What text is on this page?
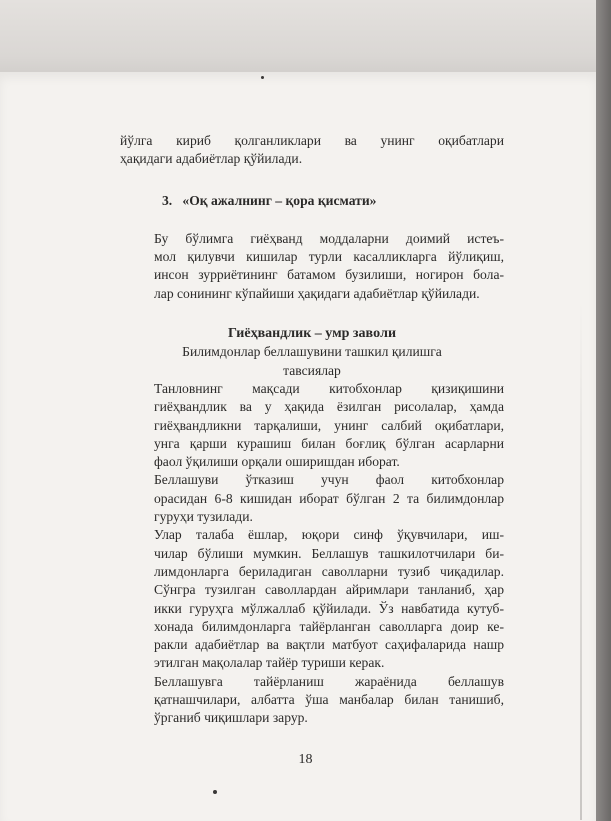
йўлга кириб қолганликлари ва унинг оқибатлари
ҳақидаги адабиётлар қўйилади.

3. «Оқ ажалнинг – қора қисмати»

Бу бўлимга гиёҳванд моддаларни доимий истеъ-
мол қилувчи кишилар турли касалликларга йўлиқиш,
инсон зурриётининг батамом бузилиши, ногирон бола-
лар сонининг кўпайиши ҳақидаги адабиётлар қўйилади.

Гиёҳвандлик – умр завoли

Билимдонлар беллашувини ташкил қилишга

тавсиялар

Танловнинг мақсади китобхонлар қизиқишини
гиёҳвандлик ва у ҳақида ёзилган рисолалар, ҳамда
гиёҳвандликни тарқалиши, унинг салбий оқибатлари,
унга қарши курашиш билан боғлиқ бўлган асарларни
фаол ўқилиши орқали оширишдан иборат.

Беллашуви ўтказиш учун фаол китобхонлар
орасидан 6-8 кишидан иборат бўлган 2 та билимдонлар
гуруҳи тузилади.

Улар талаба ёшлар, юқори синф ўқувчилари, иш-
чилар бўлиши мумкин. Беллашув ташкилотчилари би-
лимдонларга бериладиган саволларни тузиб чиқадилар.
Сўнгра тузилган саволлардан айримлари танланиб, ҳар
икки гуруҳга мўлжаллаб қўйилади. Ўз навбатида кутуб-
хонада билимдонларга тайёрланган саволларга доир ке-
ракли адабиётлар ва вақтли матбуот саҳифаларида нашр
этилган мақолалар тайёр туриши керак.

Беллашувга тайёрланиш жараёнида беллашув
қатнашчилари, албатта ўша манбалар билан танишиб,
ўрганиб чиқишлари зарур.

18
